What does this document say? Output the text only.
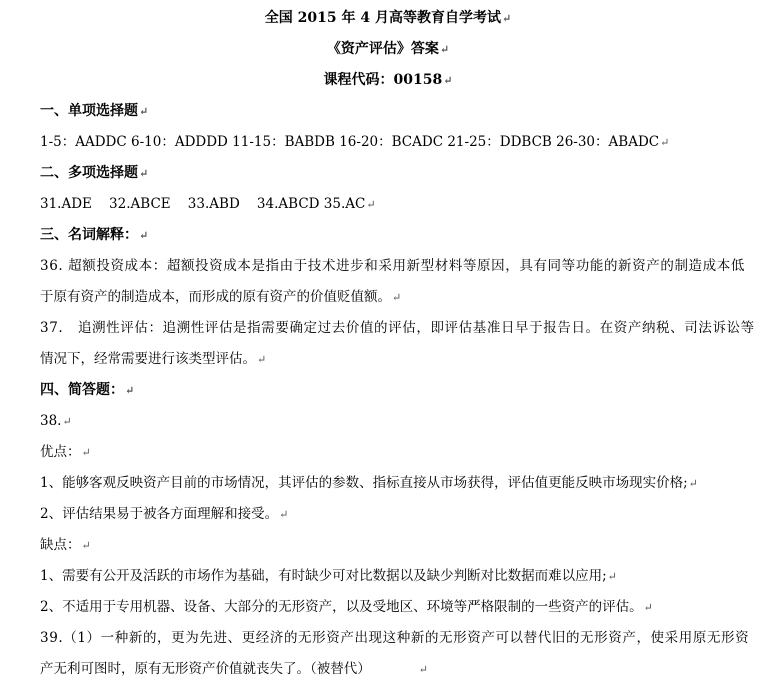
全国 2015 年 4 月高等教育自学考试↵
《资产评估》答案↵
课程代码：00158↵
一、单项选择题↵
1-5：AADDC 6-10：ADDDD 11-15：BABDB 16-20：BCADC 21-25：DDBCB 26-30：ABADC↵
二、多项选择题↵
31.ADE    32.ABCE    33.ABD    34.ABCD 35.AC↵
三、名词解释：↵
36. 超额投资成本：超额投资成本是指由于技术进步和采用新型材料等原因，具有同等功能的新资产的制造成本低
于原有资产的制造成本，而形成的原有资产的价值贬值额。↵
37.   追溯性评估：追溯性评估是指需要确定过去价值的评估，即评估基准日早于报告日。在资产纳税、司法诉讼等
情况下，经常需要进行该类型评估。↵
四、简答题：↵
38.↵
优点：↵
1、能够客观反映资产目前的市场情况，其评估的参数、指标直接从市场获得，评估值更能反映市场现实价格;↵
2、评估结果易于被各方面理解和接受。↵
缺点：↵
1、需要有公开及活跃的市场作为基础，有时缺少可对比数据以及缺少判断对比数据而难以应用;↵
2、不适用于专用机器、设备、大部分的无形资产，以及受地区、环境等严格限制的一些资产的评估。↵
39.（1）一种新的，更为先进、更经济的无形资产出现这种新的无形资产可以替代旧的无形资产，使采用原无形资
产无利可图时，原有无形资产价值就丧失了。（被替代）	↵
